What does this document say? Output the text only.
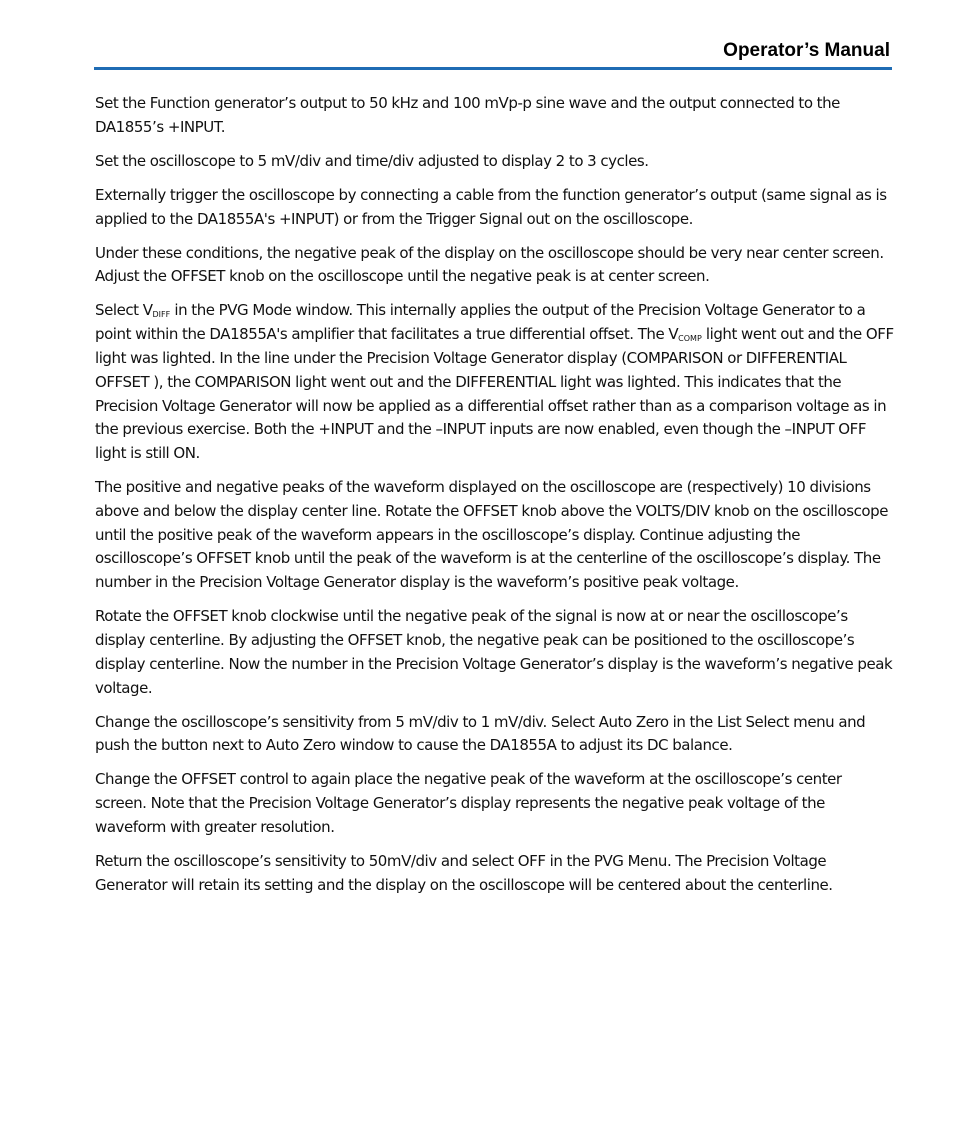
Operator’s Manual

Set the Function generator’s output to 50 kHz and 100 mVp-p sine wave and the output connected to the DA1855’s +INPUT.

Set the oscilloscope to 5 mV/div and time/div adjusted to display 2 to 3 cycles.

Externally trigger the oscilloscope by connecting a cable from the function generator’s output (same signal as is applied to the DA1855A's +INPUT) or from the Trigger Signal out on the oscilloscope.

Under these conditions, the negative peak of the display on the oscilloscope should be very near center screen. Adjust the OFFSET knob on the oscilloscope until the negative peak is at center screen.

Select $V_{DIFF}$ in the PVG Mode window. This internally applies the output of the Precision Voltage Generator to a point within the DA1855A's amplifier that facilitates a true differential offset. The $V_{COMP}$ light went out and the OFF light was lighted. In the line under the Precision Voltage Generator display (COMPARISON or DIFFERENTIAL OFFSET ), the COMPARISON light went out and the DIFFERENTIAL light was lighted. This indicates that the Precision Voltage Generator will now be applied as a differential offset rather than as a comparison voltage as in the previous exercise. Both the +INPUT and the –INPUT inputs are now enabled, even though the –INPUT OFF light is still ON.

The positive and negative peaks of the waveform displayed on the oscilloscope are (respectively) 10 divisions above and below the display center line. Rotate the OFFSET knob above the VOLTS/DIV knob on the oscilloscope until the positive peak of the waveform appears in the oscilloscope’s display. Continue adjusting the oscilloscope’s OFFSET knob until the peak of the waveform is at the centerline of the oscilloscope’s display. The number in the Precision Voltage Generator display is the waveform’s positive peak voltage.

Rotate the OFFSET knob clockwise until the negative peak of the signal is now at or near the oscilloscope’s display centerline. By adjusting the OFFSET knob, the negative peak can be positioned to the oscilloscope’s display centerline. Now the number in the Precision Voltage Generator’s display is the waveform’s negative peak voltage.

Change the oscilloscope’s sensitivity from 5 mV/div to 1 mV/div. Select Auto Zero in the List Select menu and push the button next to Auto Zero window to cause the DA1855A to adjust its DC balance.

Change the OFFSET control to again place the negative peak of the waveform at the oscilloscope’s center screen. Note that the Precision Voltage Generator’s display represents the negative peak voltage of the waveform with greater resolution.

Return the oscilloscope’s sensitivity to 50mV/div and select OFF in the PVG Menu. The Precision Voltage Generator will retain its setting and the display on the oscilloscope will be centered about the centerline.
